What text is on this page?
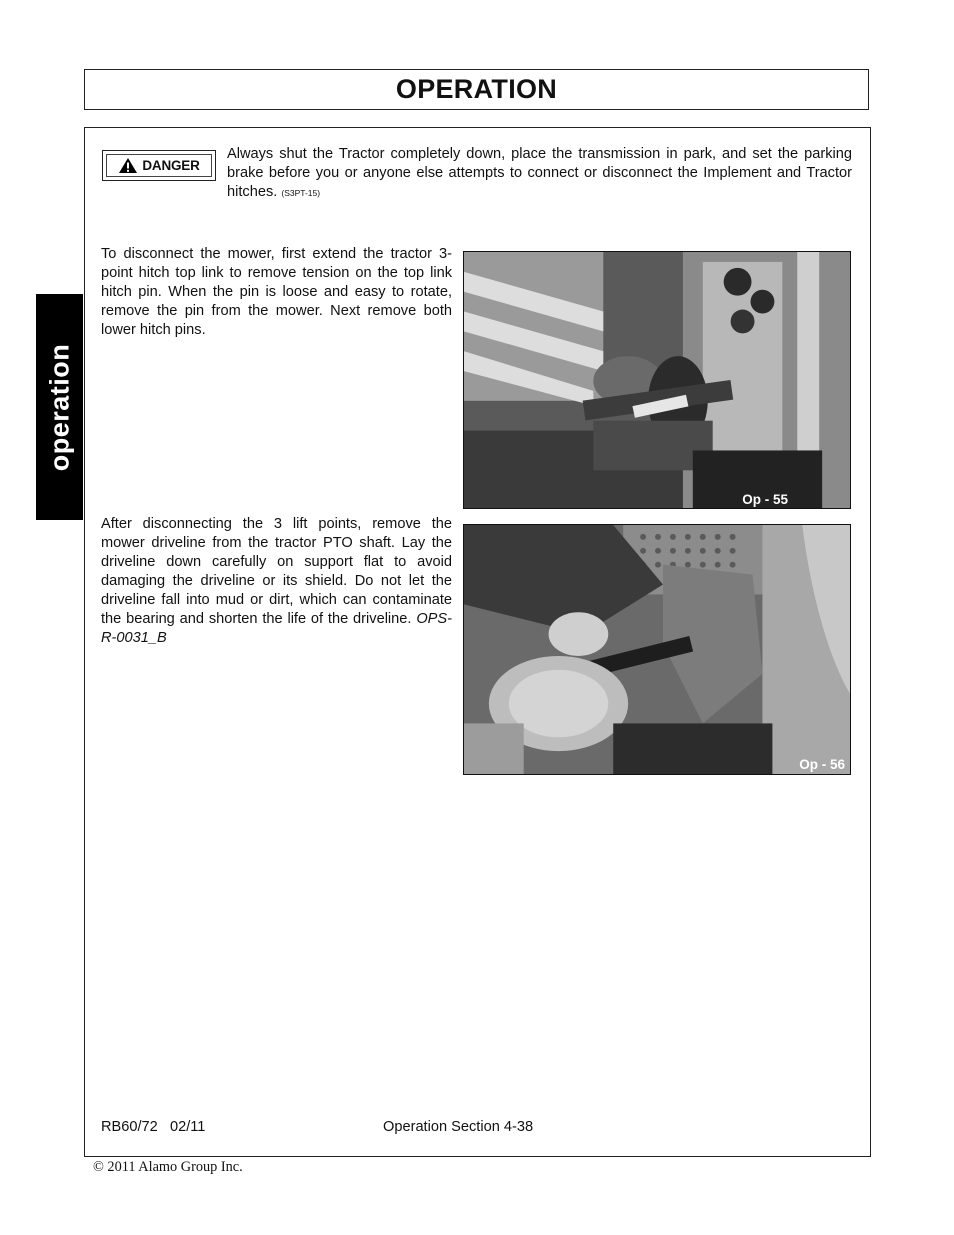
OPERATION
operation
DANGER
Always shut the Tractor completely down, place the transmission in park, and set the parking brake before you or anyone else attempts to connect or disconnect the Implement and Tractor hitches. (S3PT-15)
To disconnect the mower, first extend the tractor 3-point hitch top link to remove tension on the top link hitch pin. When the pin is loose and easy to rotate, remove the pin from the mower. Next remove both lower hitch pins.
After disconnecting the 3 lift points, remove the mower driveline from the tractor PTO shaft. Lay the driveline down carefully on support flat to avoid damaging the driveline or its shield. Do not let the driveline fall into mud or dirt, which can contaminate the bearing and shorten the life of the driveline. OPS-R-0031_B
Op - 55
Op - 56
RB60/72   02/11	Operation Section 4-38
© 2011 Alamo Group Inc.
